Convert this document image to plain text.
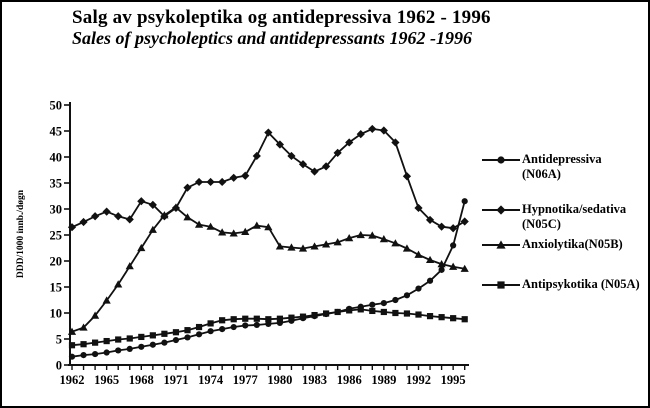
Salg av psykoleptika og antidepressiva 1962 - 1996
Sales of psycholeptics and antidepressants 1962 -1996
0
5
10
15
20
25
30
35
40
45
50
1962 1965 1968 1971 1974 1977 1980 1983 1986 1989 1992 1995
DDD/1000 innb./døgn
Antidepressiva (N06A)
Hypnotika/sedativa (N05C)
Anxiolytika(N05B)
Antipsykotika (N05A)
